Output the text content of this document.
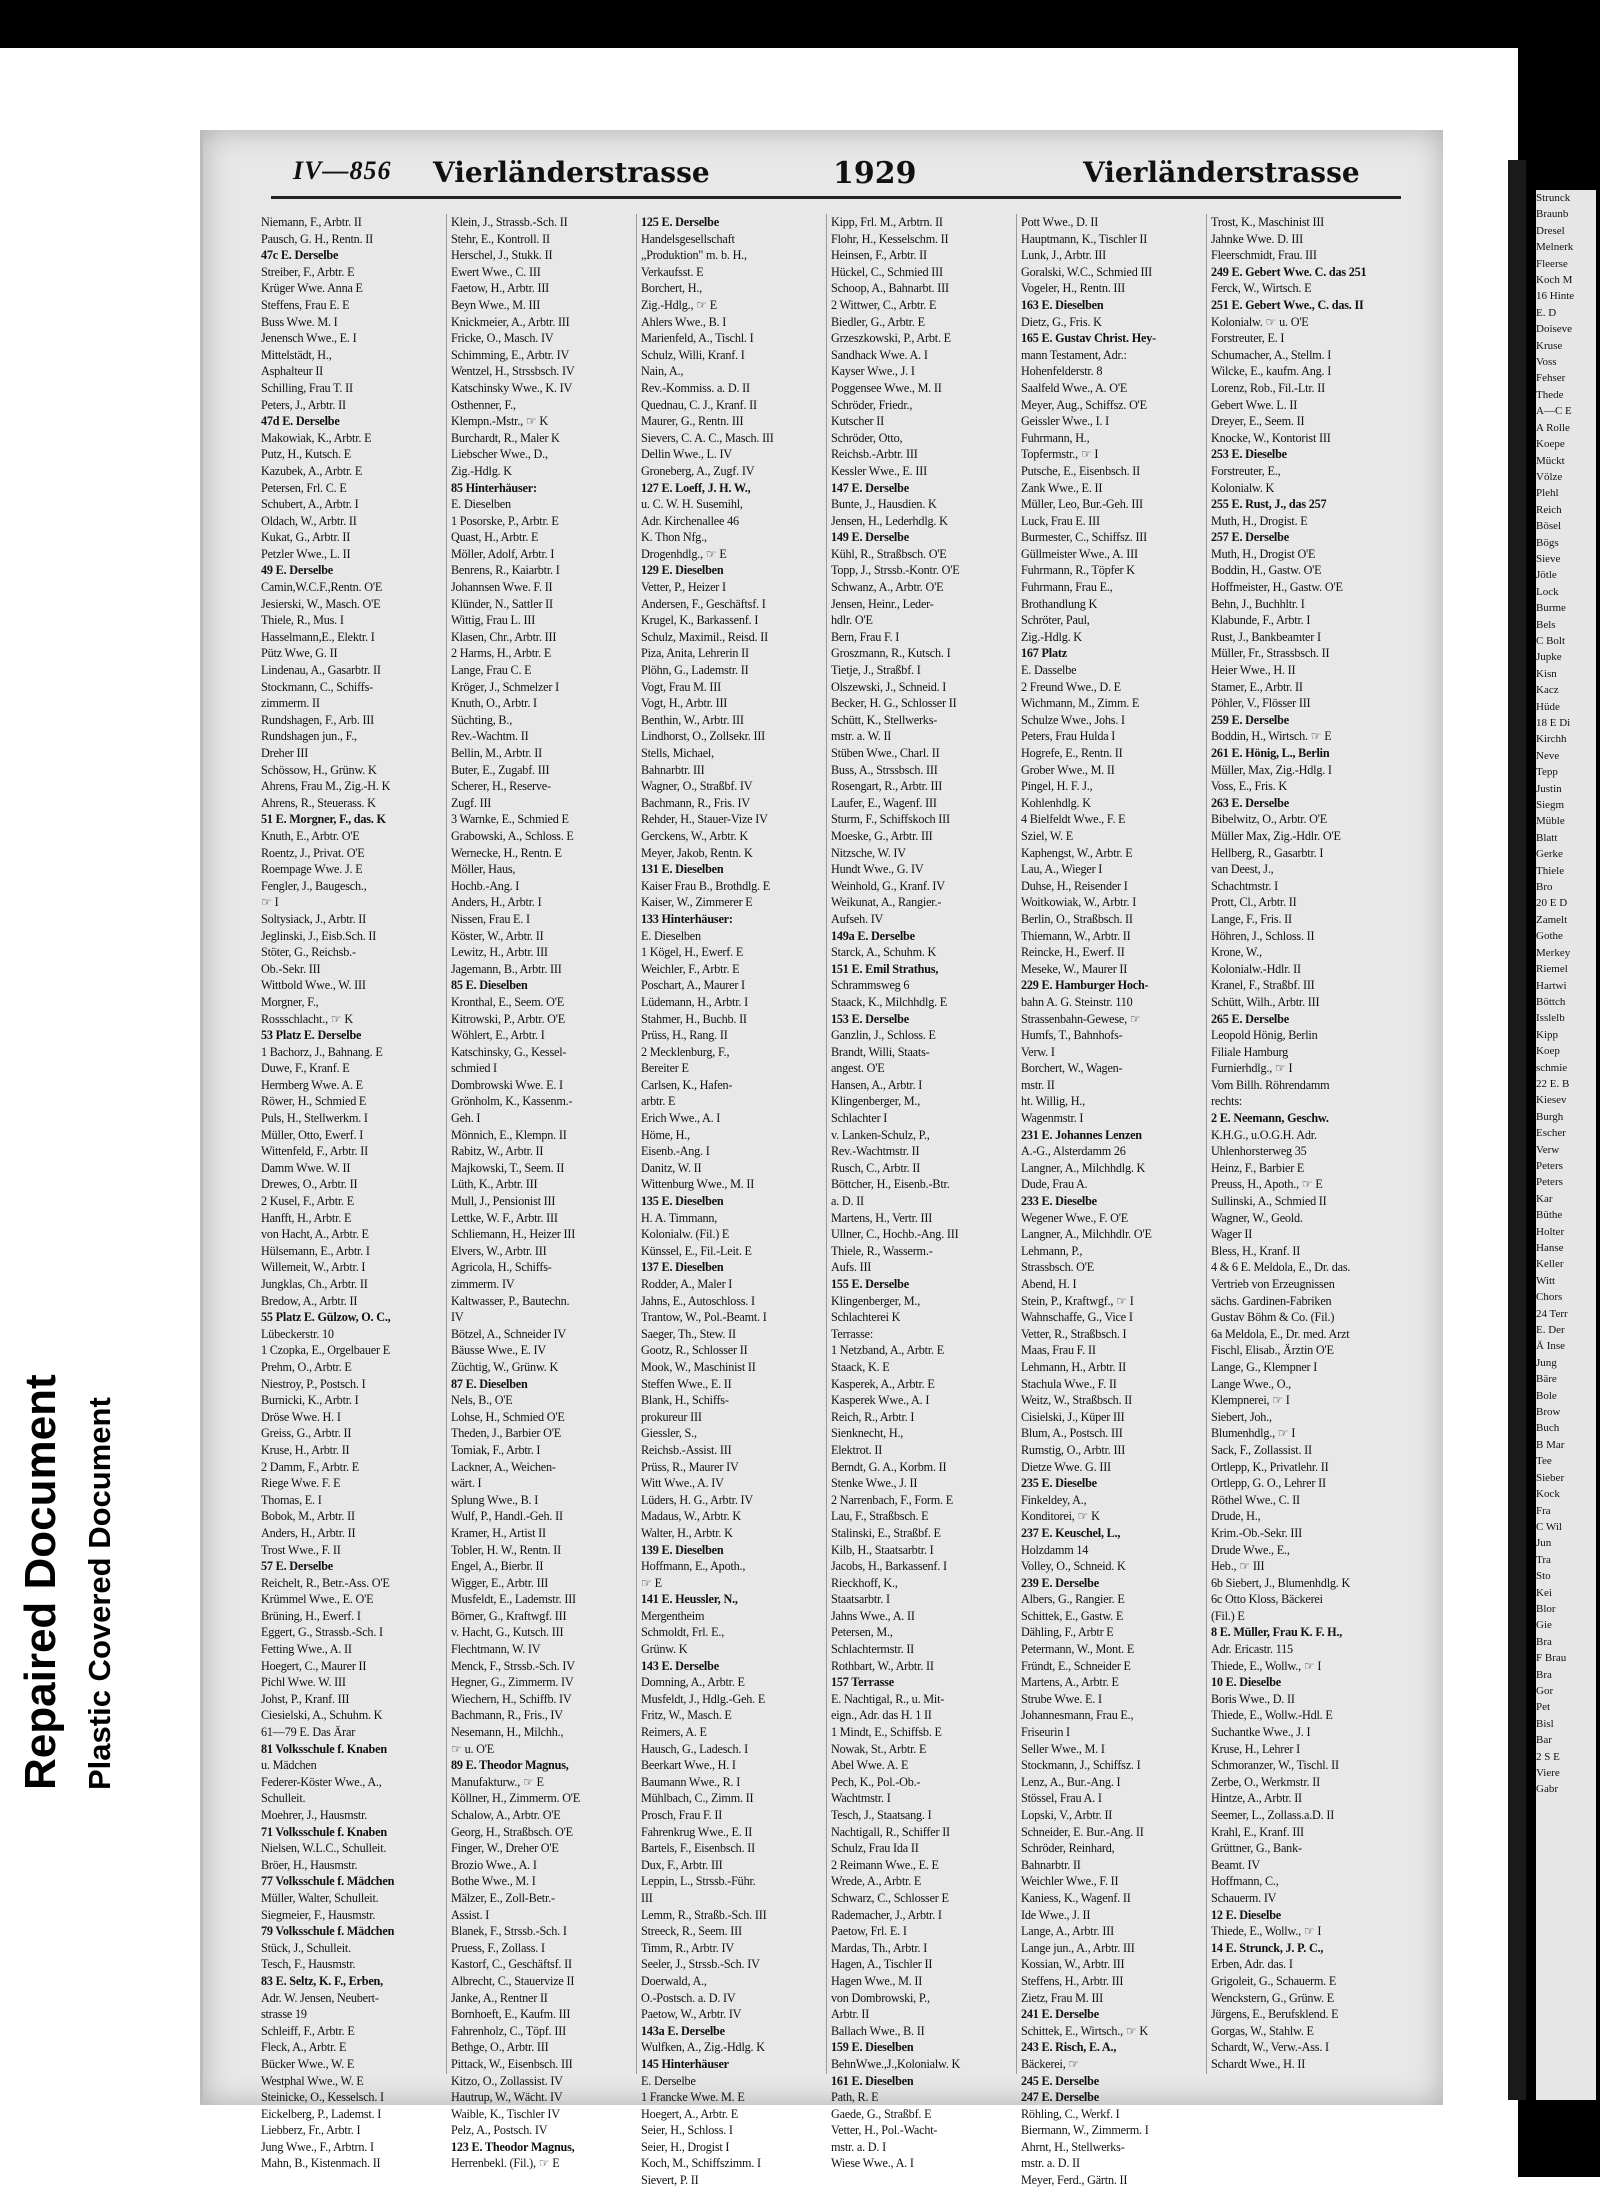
Repaired Document Plastic Covered Document
IV—856 Vierländerstrasse	1929	Vierländerstrasse
Niemann, F., Arbtr. II
Pausch, G. H., Rentn. II
47c E. Derselbe
Streiber, F., Arbtr. E
Krüger Wwe. Anna E
Steffens, Frau E. E
Buss Wwe. M. I
Jenensch Wwe., E. I
Mittelstädt, H.,
Asphalteur II
Schilling, Frau T. II
Peters, J., Arbtr. II
47d E. Derselbe
Makowiak, K., Arbtr. E
Putz, H., Kutsch. E
Kazubek, A., Arbtr. E
Petersen, Frl. C. E
Schubert, A., Arbtr. I
Oldach, W., Arbtr. II
Kukat, G., Arbtr. II
Petzler Wwe., L. II
49 E. Derselbe
Camin,W.C.F.,Rentn. O'E
Jesierski, W., Masch. O'E
Thiele, R., Mus. I
Hasselmann,E., Elektr. I
Pütz Wwe, G. II
Lindenau, A., Gasarbtr. II
Stockmann, C., Schiffs-
zimmerm. II
Rundshagen, F., Arb. III
Rundshagen jun., F.,
Dreher III
Schössow, H., Grünw. K
Ahrens, Frau M., Zig.-H. K
Ahrens, R., Steuerass. K
51 E. Morgner, F., das. K
Knuth, E., Arbtr. O'E
Roentz, J., Privat. O'E
Roempage Wwe. J. E
Fengler, J., Baugesch.,
☞ I
Soltysiack, J., Arbtr. II
Jeglinski, J., Eisb.Sch. II
Stöter, G., Reichsb.-
Ob.-Sekr. III
Wittbold Wwe., W. III
Morgner, F.,
Rossschlacht., ☞ K
53 Platz E. Derselbe
1 Bachorz, J., Bahnang. E
Duwe, F., Kranf. E
Hermberg Wwe. A. E
Röwer, H., Schmied E
Puls, H., Stellwerkm. I
Müller, Otto, Ewerf. I
Wittenfeld, F., Arbtr. II
Damm Wwe. W. II
Drewes, O., Arbtr. II
2 Kusel, F., Arbtr. E
Hanfft, H., Arbtr. E
von Hacht, A., Arbtr. E
Hülsemann, E., Arbtr. I
Willemeit, W., Arbtr. I
Jungklas, Ch., Arbtr. II
Bredow, A., Arbtr. II
55 Platz E. Gülzow, O. C.,
Lübeckerstr. 10
1 Czopka, E., Orgelbauer E
Prehm, O., Arbtr. E
Niestroy, P., Postsch. I
Burnicki, K., Arbtr. I
Dröse Wwe. H. I
Greiss, G., Arbtr. II
Kruse, H., Arbtr. II
2 Damm, F., Arbtr. E
Riege Wwe. F. E
Thomas, E. I
Bobok, M., Arbtr. II
Anders, H., Arbtr. II
Trost Wwe., F. II
57 E. Derselbe
Reichelt, R., Betr.-Ass. O'E
Krümmel Wwe., E. O'E
Brüning, H., Ewerf. I
Eggert, G., Strassb.-Sch. I
Fetting Wwe., A. II
Hoegert, C., Maurer II
Pichl Wwe. W. III
Johst, P., Kranf. III
Ciesielski, A., Schuhm. K
61—79 E. Das Ärar
81 Volksschule f. Knaben
u. Mädchen
Federer-Köster Wwe., A.,
Schulleit.
Moehrer, J., Hausmstr.
71 Volksschule f. Knaben
Nielsen, W.L.C., Schulleit.
Bröer, H., Hausmstr.
77 Volksschule f. Mädchen
Müller, Walter, Schulleit.
Siegmeier, F., Hausmstr.
79 Volksschule f. Mädchen
Stück, J., Schulleit.
Tesch, F., Hausmstr.
83 E. Seltz, K. F., Erben,
Adr. W. Jensen, Neubert-
strasse 19
Schleiff, F., Arbtr. E
Fleck, A., Arbtr. E
Bücker Wwe., W. E
Westphal Wwe., W. E
Steinicke, O., Kesselsch. I
Eickelberg, P., Lademst. I
Liebberz, Fr., Arbtr. I
Jung Wwe., F., Arbtrn. I
Mahn, B., Kistenmach. II
Klein, J., Strassb.-Sch. II
Stehr, E., Kontroll. II
Herschel, J., Stukk. II
Ewert Wwe., C. III
Faetow, H., Arbtr. III
Beyn Wwe., M. III
Knickmeier, A., Arbtr. III
Fricke, O., Masch. IV
Schimming, E., Arbtr. IV
Wentzel, H., Strssbsch. IV
Katschinsky Wwe., K. IV
Osthenner, F.,
Klempn.-Mstr., ☞ K
Burchardt, R., Maler K
Liebscher Wwe., D.,
Zig.-Hdlg. K
85 Hinterhäuser:
E. Dieselben
1 Posorske, P., Arbtr. E
Quast, H., Arbtr. E
Möller, Adolf, Arbtr. I
Benrens, R., Kaiarbtr. I
Johannsen Wwe. F. II
Klünder, N., Sattler II
Wittig, Frau L. III
Klasen, Chr., Arbtr. III
2 Harms, H., Arbtr. E
Lange, Frau C. E
Kröger, J., Schmelzer I
Knuth, O., Arbtr. I
Süchting, B.,
Rev.-Wachtm. II
Bellin, M., Arbtr. II
Buter, E., Zugabf. III
Scherer, H., Reserve-
Zugf. III
3 Warnke, E., Schmied E
Grabowski, A., Schloss. E
Wernecke, H., Rentn. E
Möller, Haus,
Hochb.-Ang. I
Anders, H., Arbtr. I
Nissen, Frau E. I
Köster, W., Arbtr. II
Lewitz, H., Arbtr. III
Jagemann, B., Arbtr. III
85 E. Dieselben
Kronthal, E., Seem. O'E
Kitrowski, P., Arbtr. O'E
Wöhlert, E., Arbtr. I
Katschinsky, G., Kessel-
schmied I
Dombrowski Wwe. E. I
Grönholm, K., Kassenm.-
Geh. I
Mönnich, E., Klempn. II
Rabitz, W., Arbtr. II
Majkowski, T., Seem. II
Lüth, K., Arbtr. III
Mull, J., Pensionist III
Lettke, W. F., Arbtr. III
Schliemann, H., Heizer III
Elvers, W., Arbtr. III
Agricola, H., Schiffs-
zimmerm. IV
Kaltwasser, P., Bautechn.
IV
Bötzel, A., Schneider IV
Bäusse Wwe., E. IV
Züchtig, W., Grünw. K
87 E. Dieselben
Nels, B., O'E
Lohse, H., Schmied O'E
Theden, J., Barbier O'E
Tomiak, F., Arbtr. I
Lackner, A., Weichen-
wärt. I
Splung Wwe., B. I
Wulf, P., Handl.-Geh. II
Kramer, H., Artist II
Tobler, H. W., Rentn. II
Engel, A., Bierbr. II
Wigger, E., Arbtr. III
Musfeldt, E., Lademstr. III
Börner, G., Kraftwgf. III
v. Hacht, G., Kutsch. III
Flechtmann, W. IV
Menck, F., Strssb.-Sch. IV
Hegner, G., Zimmerm. IV
Wiechern, H., Schiffb. IV
Bachmann, R., Fris., IV
Nesemann, H., Milchh.,
☞ u. O'E
89 E. Theodor Magnus,
Manufakturw., ☞ E
Köllner, H., Zimmerm. O'E
Schalow, A., Arbtr. O'E
Georg, H., Straßbsch. O'E
Finger, W., Dreher O'E
Brozio Wwe., A. I
Bothe Wwe., M. I
Mälzer, E., Zoll-Betr.-
Assist. I
Blanek, F., Strssb.-Sch. I
Pruess, F., Zollass. I
Kastorf, C., Geschäftsf. II
Albrecht, C., Stauervize II
Janke, A., Rentner II
Bornhoeft, E., Kaufm. III
Fahrenholz, C., Töpf. III
Bethge, O., Arbtr. III
Pittack, W., Eisenbsch. III
Kitzo, O., Zollassist. IV
Hautrup, W., Wächt. IV
Waible, K., Tischler IV
Pelz, A., Postsch. IV
123 E. Theodor Magnus,
Herrenbekl. (Fil.), ☞ E
125 E. Derselbe
Handelsgesellschaft
„Produktion" m. b. H.,
Verkaufsst. E
Borchert, H.,
Zig.-Hdlg., ☞ E
Ahlers Wwe., B. I
Marienfeld, A., Tischl. I
Schulz, Willi, Kranf. I
Nain, A.,
Rev.-Kommiss. a. D. II
Quednau, C. J., Kranf. II
Maurer, G., Rentn. III
Sievers, C. A. C., Masch. III
Dellin Wwe., L. IV
Groneberg, A., Zugf. IV
127 E. Loeff, J. H. W.,
u. C. W. H. Susemihl,
Adr. Kirchenallee 46
K. Thon Nfg.,
Drogenhdlg., ☞ E
129 E. Dieselben
Vetter, P., Heizer I
Andersen, F., Geschäftsf. I
Krugel, K., Barkassenf. I
Schulz, Maximil., Reisd. II
Piza, Anita, Lehrerin II
Plöhn, G., Lademstr. II
Vogt, Frau M. III
Vogt, H., Arbtr. III
Benthin, W., Arbtr. III
Lindhorst, O., Zollsekr. III
Stells, Michael,
Bahnarbtr. III
Wagner, O., Straßbf. IV
Bachmann, R., Fris. IV
Rehder, H., Stauer-Vize IV
Gerckens, W., Arbtr. K
Meyer, Jakob, Rentn. K
131 E. Dieselben
Kaiser Frau B., Brothdlg. E
Kaiser, W., Zimmerer E
133 Hinterhäuser:
E. Dieselben
1 Kögel, H., Ewerf. E
Weichler, F., Arbtr. E
Poschart, A., Maurer I
Lüdemann, H., Arbtr. I
Stahmer, H., Buchb. II
Prüss, H., Rang. II
2 Mecklenburg, F.,
Bereiter E
Carlsen, K., Hafen-
arbtr. E
Erich Wwe., A. I
Höme, H.,
Eisenb.-Ang. I
Danitz, W. II
Wittenburg Wwe., M. II
135 E. Dieselben
H. A. Timmann,
Kolonialw. (Fil.) E
Künssel, E., Fil.-Leit. E
137 E. Dieselben
Rodder, A., Maler I
Jahns, E., Autoschloss. I
Trantow, W., Pol.-Beamt. I
Saeger, Th., Stew. II
Gootz, R., Schlosser II
Mook, W., Maschinist II
Steffen Wwe., E. II
Blank, H., Schiffs-
prokureur III
Giessler, S.,
Reichsb.-Assist. III
Prüss, R., Maurer IV
Witt Wwe., A. IV
Lüders, H. G., Arbtr. IV
Madaus, W., Arbtr. K
Walter, H., Arbtr. K
139 E. Dieselben
Hoffmann, E., Apoth.,
☞ E
141 E. Heussler, N.,
Mergentheim
Schmoldt, Frl. E.,
Grünw. K
143 E. Derselbe
Domning, A., Arbtr. E
Musfeldt, J., Hdlg.-Geh. E
Fritz, W., Masch. E
Reimers, A. E
Hausch, G., Ladesch. I
Beerkart Wwe., H. I
Baumann Wwe., R. I
Mühlbach, C., Zimm. II
Prosch, Frau F. II
Fahrenkrug Wwe., E. II
Bartels, F., Eisenbsch. II
Dux, F., Arbtr. III
Leppin, L., Strssb.-Führ.
III
Lemm, R., Straßb.-Sch. III
Streeck, R., Seem. III
Timm, R., Arbtr. IV
Seeler, J., Strssb.-Sch. IV
Doerwald, A.,
O.-Postsch. a. D. IV
Paetow, W., Arbtr. IV
143a E. Derselbe
Wulfken, A., Zig.-Hdlg. K
145 Hinterhäuser
E. Derselbe
1 Francke Wwe. M. E
Hoegert, A., Arbtr. E
Seier, H., Schloss. I
Seier, H., Drogist I
Koch, M., Schiffszimm. I
Sievert, P. II
Kipp, Frl. M., Arbtrn. II
Flohr, H., Kesselschm. II
Heinsen, F., Arbtr. II
Hückel, C., Schmied III
Schoop, A., Bahnarbt. III
2 Wittwer, C., Arbtr. E
Biedler, G., Arbtr. E
Grzeszkowski, P., Arbt. E
Sandhack Wwe. A. I
Kayser Wwe., J. I
Poggensee Wwe., M. II
Schröder, Friedr.,
Kutscher II
Schröder, Otto,
Reichsb.-Arbtr. III
Kessler Wwe., E. III
147 E. Derselbe
Bunte, J., Hausdien. K
Jensen, H., Lederhdlg. K
149 E. Derselbe
Kühl, R., Straßbsch. O'E
Topp, J., Strssb.-Kontr. O'E
Schwanz, A., Arbtr. O'E
Jensen, Heinr., Leder-
hdlr. O'E
Bern, Frau F. I
Groszmann, R., Kutsch. I
Tietje, J., Straßbf. I
Olszewski, J., Schneid. I
Becker, H. G., Schlosser II
Schütt, K., Stellwerks-
mstr. a. W. II
Stüben Wwe., Charl. II
Buss, A., Strssbsch. III
Rosengart, R., Arbtr. III
Laufer, E., Wagenf. III
Sturm, F., Schiffskoch III
Moeske, G., Arbtr. III
Nitzsche, W. IV
Hundt Wwe., G. IV
Weinhold, G., Kranf. IV
Weikunat, A., Rangier.-
Aufseh. IV
149a E. Derselbe
Starck, A., Schuhm. K
151 E. Emil Strathus,
Schrammsweg 6
Staack, K., Milchhdlg. E
153 E. Derselbe
Ganzlin, J., Schloss. E
Brandt, Willi, Staats-
angest. O'E
Hansen, A., Arbtr. I
Klingenberger, M.,
Schlachter I
v. Lanken-Schulz, P.,
Rev.-Wachtmstr. II
Rusch, C., Arbtr. II
Böttcher, H., Eisenb.-Btr.
a. D. II
Martens, H., Vertr. III
Ullner, C., Hochb.-Ang. III
Thiele, R., Wasserm.-
Aufs. III
155 E. Derselbe
Klingenberger, M.,
Schlachterei K
Terrasse:
1 Netzband, A., Arbtr. E
Staack, K. E
Kasperek, A., Arbtr. E
Kasperek Wwe., A. I
Reich, R., Arbtr. I
Sienknecht, H.,
Elektrot. II
Berndt, G. A., Korbm. II
Stenke Wwe., J. II
2 Narrenbach, F., Form. E
Lau, F., Straßbsch. E
Stalinski, E., Straßbf. E
Kilb, H., Staatsarbtr. I
Jacobs, H., Barkassenf. I
Rieckhoff, K.,
Staatsarbtr. I
Jahns Wwe., A. II
Petersen, M.,
Schlachtermstr. II
Rothbart, W., Arbtr. II
157 Terrasse
E. Nachtigal, R., u. Mit-
eign., Adr. das H. 1 II
1 Mindt, E., Schiffsb. E
Nowak, St., Arbtr. E
Abel Wwe. A. E
Pech, K., Pol.-Ob.-
Wachtmstr. I
Tesch, J., Staatsang. I
Nachtigall, R., Schiffer II
Schulz, Frau Ida II
2 Reimann Wwe., E. E
Wrede, A., Arbtr. E
Schwarz, C., Schlosser E
Rademacher, J., Arbtr. I
Paetow, Frl. E. I
Mardas, Th., Arbtr. I
Hagen, A., Tischler II
Hagen Wwe., M. II
von Dombrowski, P.,
Arbtr. II
Ballach Wwe., B. II
159 E. Dieselben
BehnWwe.,J.,Kolonialw. K
161 E. Dieselben
Path, R. E
Gaede, G., Straßbf. E
Vetter, H., Pol.-Wacht-
mstr. a. D. I
Wiese Wwe., A. I
Pott Wwe., D. II
Hauptmann, K., Tischler II
Lunk, J., Arbtr. III
Goralski, W.C., Schmied III
Vogeler, H., Rentn. III
163 E. Dieselben
Dietz, G., Fris. K
165 E. Gustav Christ. Hey-
mann Testament, Adr.:
Hohenfelderstr. 8
Saalfeld Wwe., A. O'E
Meyer, Aug., Schiffsz. O'E
Geissler Wwe., I. I
Fuhrmann, H.,
Topfermstr., ☞ I
Putsche, E., Eisenbsch. II
Zank Wwe., E. II
Müller, Leo, Bur.-Geh. III
Luck, Frau E. III
Burmester, C., Schiffsz. III
Güllmeister Wwe., A. III
Fuhrmann, R., Töpfer K
Fuhrmann, Frau E.,
Brothandlung K
Schröter, Paul,
Zig.-Hdlg. K
167 Platz
E. Dasselbe
2 Freund Wwe., D. E
Wichmann, M., Zimm. E
Schulze Wwe., Johs. I
Peters, Frau Hulda I
Hogrefe, E., Rentn. II
Grober Wwe., M. II
Pingel, H. F. J.,
Kohlenhdlg. K
4 Bielfeldt Wwe., F. E
Sziel, W. E
Kaphengst, W., Arbtr. E
Lau, A., Wieger I
Duhse, H., Reisender I
Woitkowiak, W., Arbtr. I
Berlin, O., Straßbsch. II
Thiemann, W., Arbtr. II
Reincke, H., Ewerf. II
Meseke, W., Maurer II
229 E. Hamburger Hoch-
bahn A. G. Steinstr. 110
Strassenbahn-Gewese, ☞
Humfs, T., Bahnhofs-
Verw. I
Borchert, W., Wagen-
mstr. II
ht. Willig, H.,
Wagenmstr. I
231 E. Johannes Lenzen
A.-G., Alsterdamm 26
Langner, A., Milchhdlg. K
Dude, Frau A.
233 E. Dieselbe
Wegener Wwe., F. O'E
Langner, A., Milchhdlr. O'E
Lehmann, P.,
Strassbsch. O'E
Abend, H. I
Stein, P., Kraftwgf., ☞ I
Wahnschaffe, G., Vice I
Vetter, R., Straßbsch. I
Maas, Frau F. II
Lehmann, H., Arbtr. II
Stachula Wwe., F. II
Weitz, W., Straßbsch. II
Cisielski, J., Küper III
Blum, A., Postsch. III
Rumstig, O., Arbtr. III
Dietze Wwe. G. III
235 E. Dieselbe
Finkeldey, A.,
Konditorei, ☞ K
237 E. Keuschel, L.,
Holzdamm 14
Volley, O., Schneid. K
239 E. Derselbe
Albers, G., Rangier. E
Schittek, E., Gastw. E
Dähling, F., Arbtr E
Petermann, W., Mont. E
Fründt, E., Schneider E
Martens, A., Arbtr. E
Strube Wwe. E. I
Johannesmann, Frau E.,
Friseurin I
Seller Wwe., M. I
Stockmann, J., Schiffsz. I
Lenz, A., Bur.-Ang. I
Stössel, Frau A. I
Lopski, V., Arbtr. II
Schneider, E. Bur.-Ang. II
Schröder, Reinhard,
Bahnarbtr. II
Weichler Wwe., F. II
Kaniess, K., Wagenf. II
Ide Wwe., J. II
Lange, A., Arbtr. III
Lange jun., A., Arbtr. III
Kossian, W., Arbtr. III
Steffens, H., Arbtr. III
Zietz, Frau M. III
241 E. Derselbe
Schittek, E., Wirtsch., ☞ K
243 E. Risch, E. A.,
Bäckerei, ☞
245 E. Derselbe
247 E. Derselbe
Röhling, C., Werkf. I
Biermann, W., Zimmerm. I
Ahrnt, H., Stellwerks-
mstr. a. D. II
Meyer, Ferd., Gärtn. II
Trost, K., Maschinist III
Jahnke Wwe. D. III
Fleerschmidt, Frau. III
249 E. Gebert Wwe. C. das 251
Ferck, W., Wirtsch. E
251 E. Gebert Wwe., C. das. II
Kolonialw. ☞ u. O'E
Forstreuter, E. I
Schumacher, A., Stellm. I
Wilcke, E., kaufm. Ang. I
Lorenz, Rob., Fil.-Ltr. II
Gebert Wwe. L. II
Dreyer, E., Seem. II
Knocke, W., Kontorist III
253 E. Dieselbe
Forstreuter, E.,
Kolonialw. K
255 E. Rust, J., das 257
Muth, H., Drogist. E
257 E. Derselbe
Muth, H., Drogist O'E
Boddin, H., Gastw. O'E
Hoffmeister, H., Gastw. O'E
Behn, J., Buchhltr. I
Klabunde, F., Arbtr. I
Rust, J., Bankbeamter I
Müller, Fr., Strassbsch. II
Heier Wwe., H. II
Stamer, E., Arbtr. II
Pöhler, V., Flösser III
259 E. Derselbe
Boddin, H., Wirtsch. ☞ E
261 E. Hönig, L., Berlin
Müller, Max, Zig.-Hdlg. I
Voss, E., Fris. K
263 E. Derselbe
Bibelwitz, O., Arbtr. O'E
Müller Max, Zig.-Hdlr. O'E
Hellberg, R., Gasarbtr. I
van Deest, J.,
Schachtmstr. I
Prott, Cl., Arbtr. II
Lange, F., Fris. II
Höhren, J., Schloss. II
Krone, W.,
Kolonialw.-Hdlr. II
Kranel, F., Straßbf. III
Schütt, Wilh., Arbtr. III
265 E. Derselbe
Leopold Hönig, Berlin
Filiale Hamburg
Furnierhdlg., ☞ I
Vom Billh. Röhrendamm
rechts:
2 E. Neemann, Geschw.
K.H.G., u.O.G.H. Adr.
Uhlenhorsterweg 35
Heinz, F., Barbier E
Preuss, H., Apoth., ☞ E
Sullinski, A., Schmied II
Wagner, W., Geold.
Wager II
Bless, H., Kranf. II
4 & 6 E. Meldola, E., Dr. das.
Vertrieb von Erzeugnissen
sächs. Gardinen-Fabriken
Gustav Böhm & Co. (Fil.)
6a Meldola, E., Dr. med. Arzt
Fischl, Elisab., Ärztin O'E
Lange, G., Klempner I
Lange Wwe., O.,
Klempnerei, ☞ I
Siebert, Joh.,
Blumenhdlg., ☞ I
Sack, F., Zollassist. II
Ortlepp, K., Privatlehr. II
Ortlepp, G. O., Lehrer II
Röthel Wwe., C. II
Drude, H.,
Krim.-Ob.-Sekr. III
Drude Wwe., E.,
Heb., ☞ III
6b Siebert, J., Blumenhdlg. K
6c Otto Kloss, Bäckerei
(Fil.) E
8 E. Müller, Frau K. F. H.,
Adr. Ericastr. 115
Thiede, E., Wollw., ☞ I
10 E. Dieselbe
Boris Wwe., D. II
Thiede, E., Wollw.-Hdl. E
Suchantke Wwe., J. I
Kruse, H., Lehrer I
Schmoranzer, W., Tischl. II
Zerbe, O., Werkmstr. II
Hintze, A., Arbtr. II
Seemer, L., Zollass.a.D. II
Krahl, E., Kranf. III
Grüttner, G., Bank-
Beamt. IV
Hoffmann, C.,
Schauerm. IV
12 E. Dieselbe
Thiede, E., Wollw., ☞ I
14 E. Strunck, J. P. C.,
Erben, Adr. das. I
Grigoleit, G., Schauerm. E
Wenckstern, G., Grünw. E
Jürgens, E., Berufsklend. E
Gorgas, W., Stahlw. E
Schardt, W., Verw.-Ass. I
Schardt Wwe., H. II
Strunck
Braunb
Dresel
Melnerk
Fleerse
Koch M
16 Hinte
E. D
Doiseve
Kruse
Voss
Fehser
Thede
A—C E
A Rolle
Koepe
Mückt
Völze
Plehl
Reich
Bösel
Bögs
Sieve
Jötle
Lock
Burme
Bels
C Bolt
Jupke
Kisn
Kacz
Hüde
18 E Di
Kirchh
Neve
Tepp
Justin
Siegm
Müble
Blatt
Gerke
Thiele
Bro
20 E D
Zamelt
Gothe
Merkey
Riemel
Hartwi
Böttch
Isslelb
Kipp
Koep
schmie
22 E. B
Kiesev
Burgh
Escher
Verw
Peters
Peters
Kar
Büthe
Holter
Hanse
Keller
Witt
Chors
24 Terr
E. Der
Ä Inse
Jung
Bäre
Bole
Brow
Buch
B Mar
Tee
Sieber
Kock
Fra
C Wil
Jun
Tra
Sto
Kei
Blor
Gie
Bra
F Brau
Bra
Gor
Pet
Bisl
Bar
2 S E
Viere
Gabr
